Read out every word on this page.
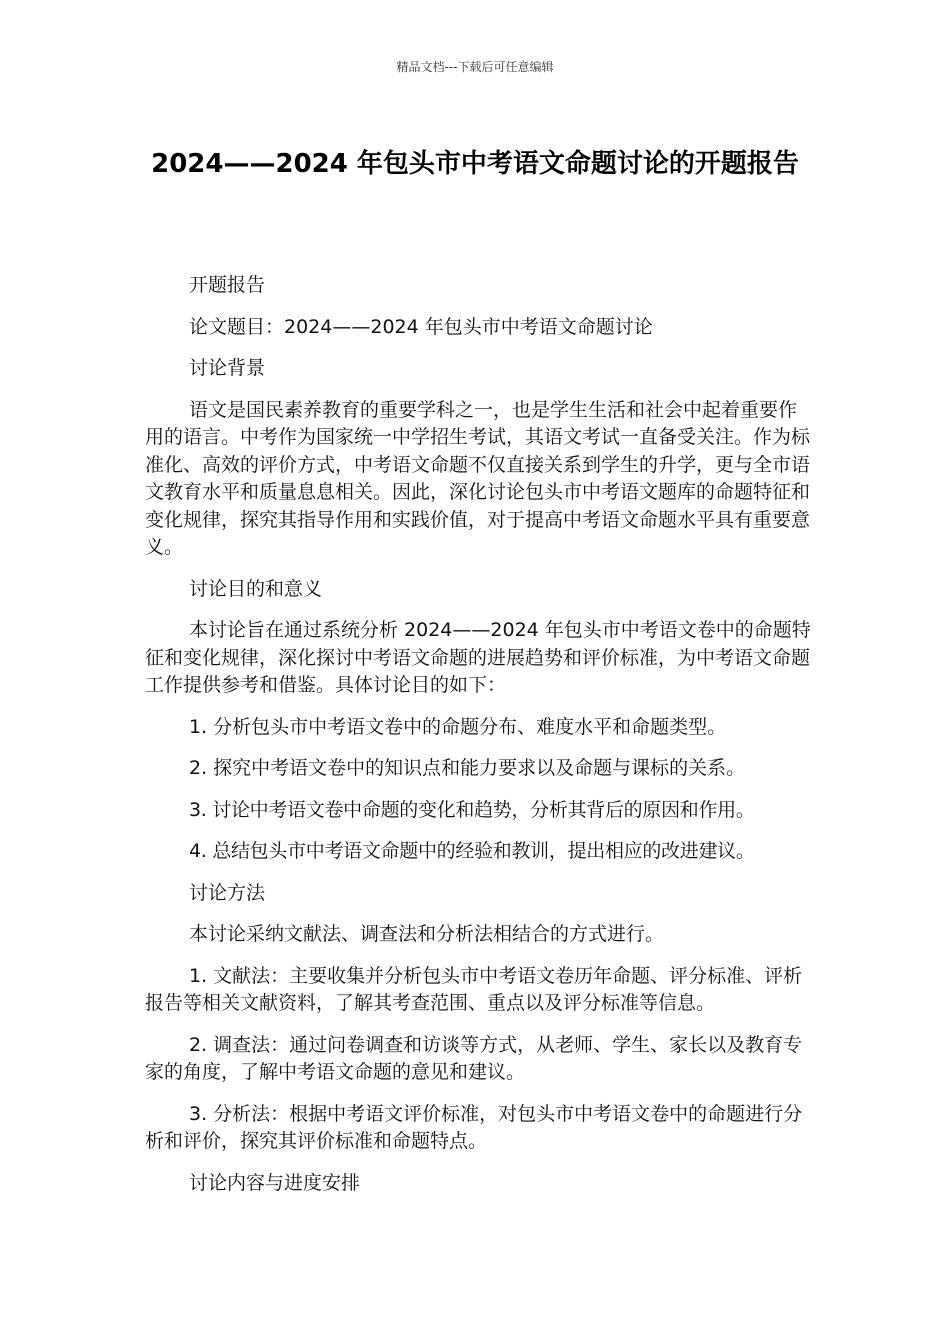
精品文档---下载后可任意编辑
2024——2024 年包头市中考语文命题讨论的开题报告

开题报告

论文题目：2024——2024 年包头市中考语文命题讨论

讨论背景

语文是国民素养教育的重要学科之一，也是学生生活和社会中起着重要作用的语言。中考作为国家统一中学招生考试，其语文考试一直备受关注。作为标准化、高效的评价方式，中考语文命题不仅直接关系到学生的升学，更与全市语文教育水平和质量息息相关。因此，深化讨论包头市中考语文题库的命题特征和变化规律，探究其指导作用和实践价值，对于提高中考语文命题水平具有重要意义。

讨论目的和意义

本讨论旨在通过系统分析 2024——2024 年包头市中考语文卷中的命题特征和变化规律，深化探讨中考语文命题的进展趋势和评价标准，为中考语文命题工作提供参考和借鉴。具体讨论目的如下：

1. 分析包头市中考语文卷中的命题分布、难度水平和命题类型。

2. 探究中考语文卷中的知识点和能力要求以及命题与课标的关系。

3. 讨论中考语文卷中命题的变化和趋势，分析其背后的原因和作用。

4. 总结包头市中考语文命题中的经验和教训，提出相应的改进建议。

讨论方法

本讨论采纳文献法、调查法和分析法相结合的方式进行。

1. 文献法：主要收集并分析包头市中考语文卷历年命题、评分标准、评析报告等相关文献资料，了解其考查范围、重点以及评分标准等信息。

2. 调查法：通过问卷调查和访谈等方式，从老师、学生、家长以及教育专家的角度，了解中考语文命题的意见和建议。

3. 分析法：根据中考语文评价标准，对包头市中考语文卷中的命题进行分析和评价，探究其评价标准和命题特点。

讨论内容与进度安排
